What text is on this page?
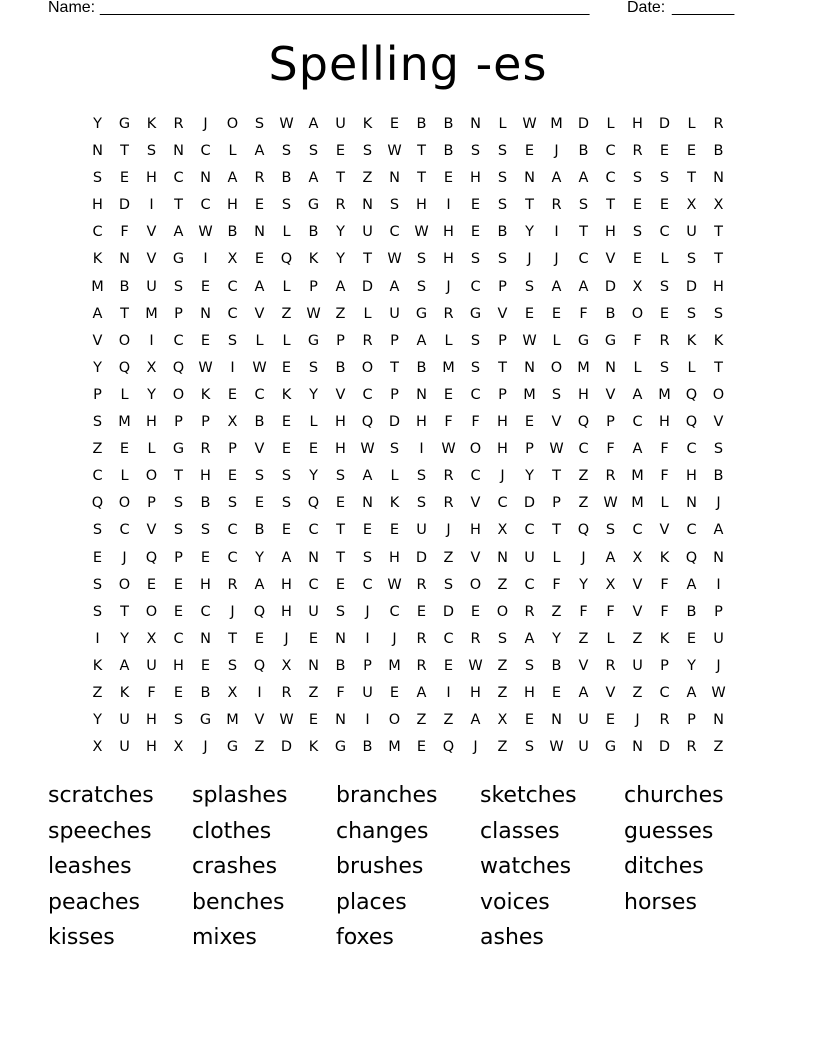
Name: _______________________________________________________ Date: _______
Spelling -es
Y	G	K	R	J	O	S	W	A	U	K	E	B	B	N	L	W M	D	L	H	D	L	R
N	T	S	N	C	L	A	S	S	E	S	W	T	B	S	S	E	J	B	C	R	E	E	B
S	E	H	C	N	A	R	B	A	T	Z	N	T	E	H	S	N	A	A	C	S	S	T	N
H	D	I	T	C	H	E	S	G	R	N	S	H	I	E	S	T	R	S	T	E	E	X	X
C	F	V	A	W	B	N	L	B	Y	U	C	W H	E	B	Y	I	T	H	S	C	U	T
K	N	V	G	I	X	E	Q	K	Y	T	W	S	H	S	S	J	J	C	V	E	L	S	T
M	B	U	S	E	C	A	L	P	A	D	A	S	J	C	P	S	A	A	D	X	S	D	H
A	T	M	P	N	C	V	Z	W	Z	L	U	G	R	G	V	E	E	F	B	O	E	S	S
V	O	I	C	E	S	L	L	G	P	R	P	A	L	S	P	W	L	G	G	F	R	K	K
Y	Q	X	Q W	I	W	E	S	B	O	T	B	M	S	T	N	O	M	N	L	S	L	T
P	L	Y	O	K	E	C	K	Y	V	C	P	N	E	C	P	M	S	H	V	A	M	Q	O
S	M	H	P	P	X	B	E	L	H	Q	D	H	F	F	H	E	V	Q	P	C	H	Q	V
Z	E	L	G	R	P	V	E	E	H W	S	I	W O	H	P	W	C	F	A	F	C	S
C	L	O	T	H	E	S	S	Y	S	A	L	S	R	C	J	Y	T	Z	R	M	F	H	B
Q	O	P	S	B	S	E	S	Q	E	N	K	S	R	V	C	D	P	Z	W M	L	N	J
S	C	V	S	S	C	B	E	C	T	E	E	U	J	H	X	C	T	Q	S	C	V	C	A
E	J	Q	P	E	C	Y	A	N	T	S	H	D	Z	V	N	U	L	J	A	X	K	Q	N
S	O	E	E	H	R	A	H	C	E	C	W	R	S	O	Z	C	F	Y	X	V	F	A	I
S	T	O	E	C	J	Q	H	U	S	J	C	E	D	E	O	R	Z	F	F	V	F	B	P
I	Y	X	C	N	T	E	J	E	N	I	J	R	C	R	S	A	Y	Z	L	Z	K	E	U
K	A	U	H	E	S	Q	X	N	B	P	M	R	E	W	Z	S	B	V	R	U	P	Y	J
Z	K	F	E	B	X	I	R	Z	F	U	E	A	I	H	Z	H	E	A	V	Z	C	A	W
Y	U	H	S	G	M	V	W	E	N	I	O	Z	Z	A	X	E	N	U	E	J	R	P	N
X	U	H	X	J	G	Z	D	K	G	B	M	E	Q	J	Z	S	W	U	G	N	D	R	Z
scratches	splashes	branches	sketches	churches
speeches	clothes	changes	classes	guesses
leashes	crashes	brushes	watches	ditches
peaches	benches	places	voices	horses
kisses	mixes	foxes	ashes
